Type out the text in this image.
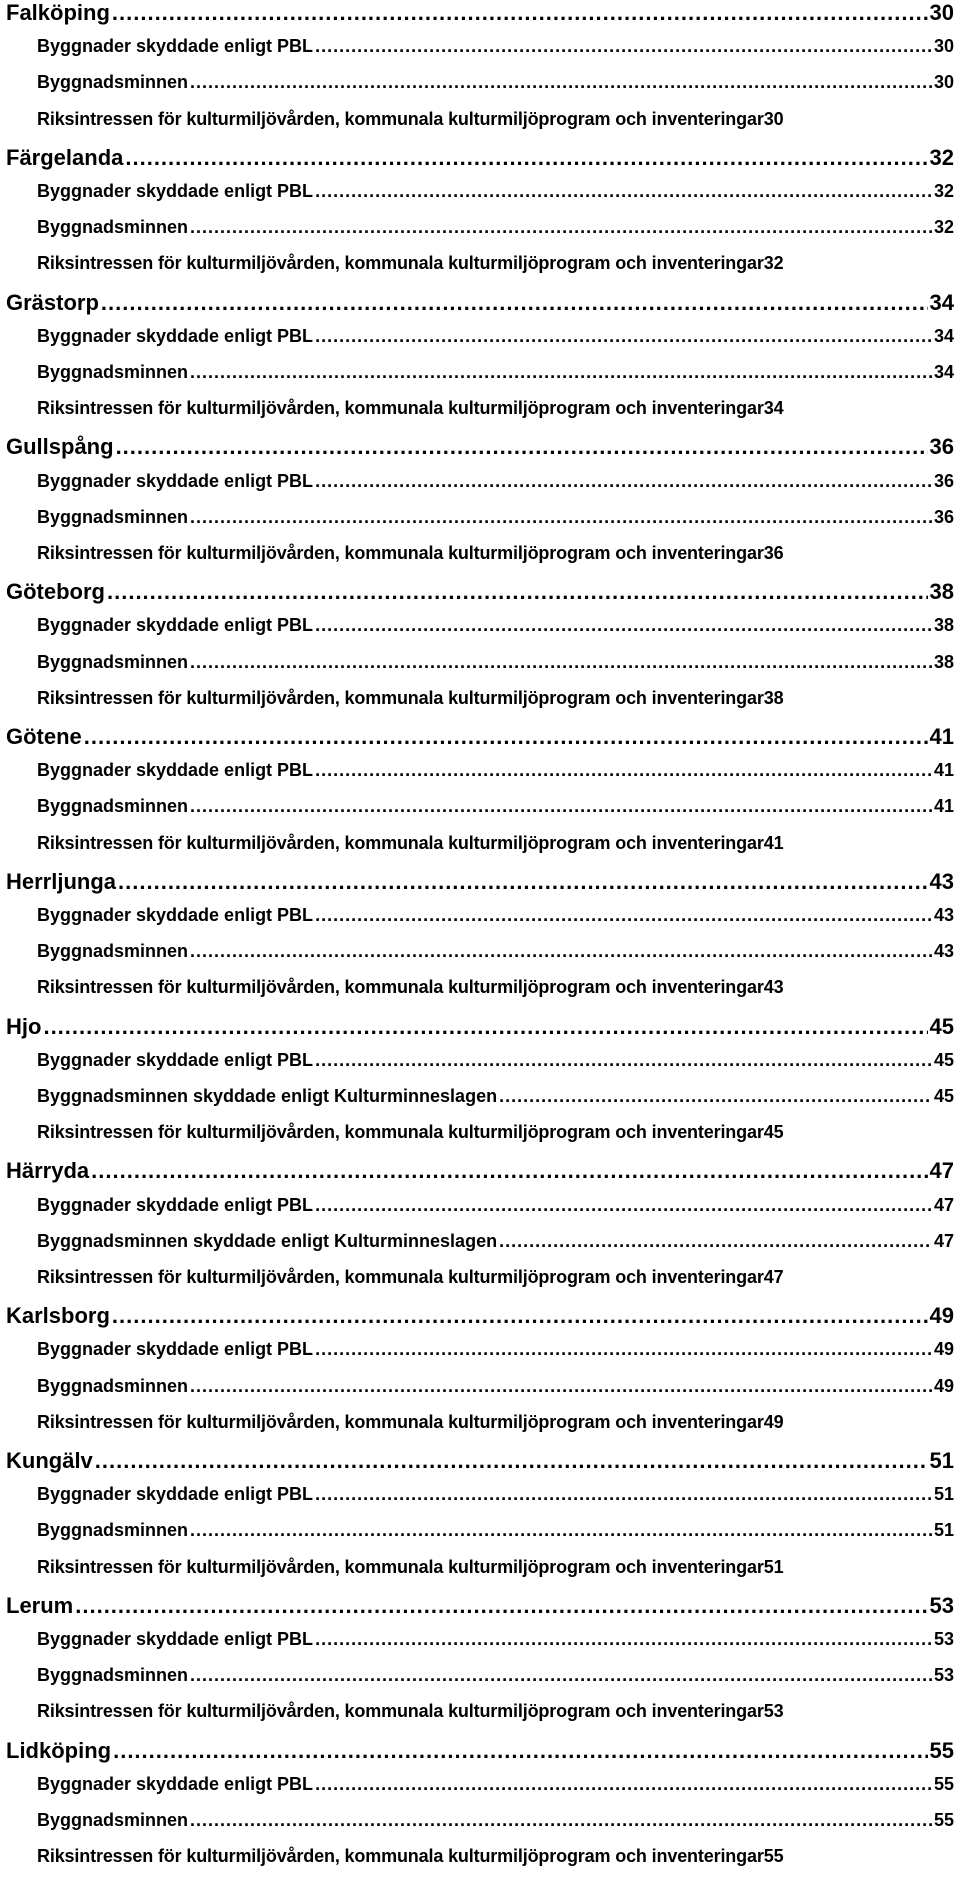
Falköping .....	30
Byggnader skyddade enligt PBL .....	30
Byggnadsminnen .....	30
Riksintressen för kulturmiljövården, kommunala kulturmiljöprogram och inventeringar 30
Färgelanda .....	32
Byggnader skyddade enligt PBL .....	32
Byggnadsminnen .....	32
Riksintressen för kulturmiljövården, kommunala kulturmiljöprogram och inventeringar 32
Grästorp .....	34
Byggnader skyddade enligt PBL .....	34
Byggnadsminnen .....	34
Riksintressen för kulturmiljövården, kommunala kulturmiljöprogram och inventeringar 34
Gullspång .....	36
Byggnader skyddade enligt PBL .....	36
Byggnadsminnen .....	36
Riksintressen för kulturmiljövården, kommunala kulturmiljöprogram och inventeringar 36
Göteborg .....	38
Byggnader skyddade enligt PBL .....	38
Byggnadsminnen .....	38
Riksintressen för kulturmiljövården, kommunala kulturmiljöprogram och inventeringar 38
Götene .....	41
Byggnader skyddade enligt PBL .....	41
Byggnadsminnen .....	41
Riksintressen för kulturmiljövården, kommunala kulturmiljöprogram och inventeringar 41
Herrljunga .....	43
Byggnader skyddade enligt PBL .....	43
Byggnadsminnen .....	43
Riksintressen för kulturmiljövården, kommunala kulturmiljöprogram och inventeringar 43
Hjo .....	45
Byggnader skyddade enligt PBL .....	45
Byggnadsminnen skyddade enligt Kulturminneslagen .....	45
Riksintressen för kulturmiljövården, kommunala kulturmiljöprogram och inventeringar 45
Härryda .....	47
Byggnader skyddade enligt PBL .....	47
Byggnadsminnen skyddade enligt Kulturminneslagen .....	47
Riksintressen för kulturmiljövården, kommunala kulturmiljöprogram och inventeringar 47
Karlsborg .....	49
Byggnader skyddade enligt PBL .....	49
Byggnadsminnen .....	49
Riksintressen för kulturmiljövården, kommunala kulturmiljöprogram och inventeringar 49
Kungälv .....	51
Byggnader skyddade enligt PBL .....	51
Byggnadsminnen .....	51
Riksintressen för kulturmiljövården, kommunala kulturmiljöprogram och inventeringar 51
Lerum .....	53
Byggnader skyddade enligt PBL .....	53
Byggnadsminnen .....	53
Riksintressen för kulturmiljövården, kommunala kulturmiljöprogram och inventeringar 53
Lidköping .....	55
Byggnader skyddade enligt PBL .....	55
Byggnadsminnen .....	55
Riksintressen för kulturmiljövården, kommunala kulturmiljöprogram och inventeringar 55
